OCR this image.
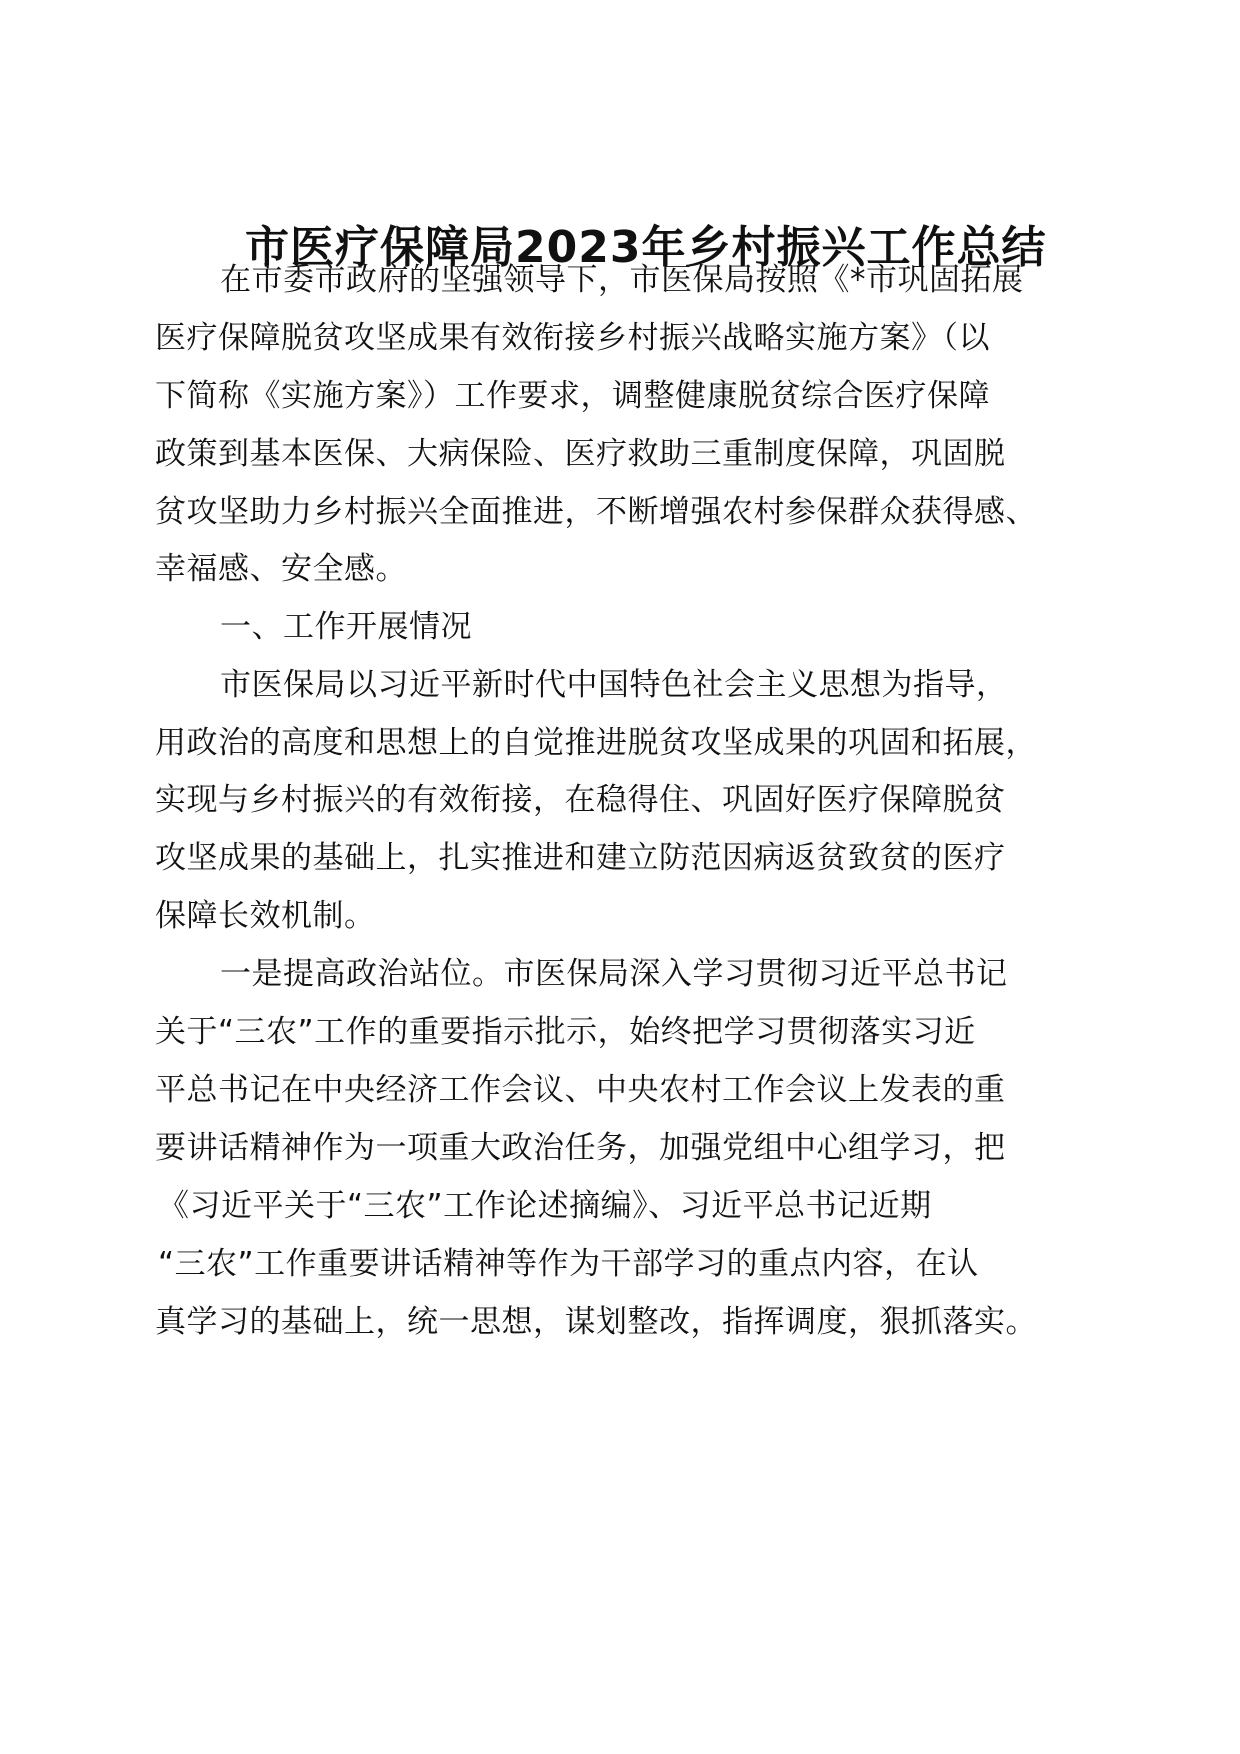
市医疗保障局2023年乡村振兴工作总结
在市委市政府的坚强领导下，市医保局按照《*市巩固拓展
医疗保障脱贫攻坚成果有效衔接乡村振兴战略实施方案》（以
下简称《实施方案》）工作要求，调整健康脱贫综合医疗保障
政策到基本医保、大病保险、医疗救助三重制度保障，巩固脱
贫攻坚助力乡村振兴全面推进，不断增强农村参保群众获得感、
幸福感、安全感。
一、工作开展情况
市医保局以习近平新时代中国特色社会主义思想为指导，
用政治的高度和思想上的自觉推进脱贫攻坚成果的巩固和拓展，
实现与乡村振兴的有效衔接，在稳得住、巩固好医疗保障脱贫
攻坚成果的基础上，扎实推进和建立防范因病返贫致贫的医疗
保障长效机制。
一是提高政治站位。市医保局深入学习贯彻习近平总书记
关于“三农”工作的重要指示批示，始终把学习贯彻落实习近
平总书记在中央经济工作会议、中央农村工作会议上发表的重
要讲话精神作为一项重大政治任务，加强党组中心组学习，把
《习近平关于“三农”工作论述摘编》、习近平总书记近期
“三农”工作重要讲话精神等作为干部学习的重点内容，在认
真学习的基础上，统一思想，谋划整改，指挥调度，狠抓落实。
